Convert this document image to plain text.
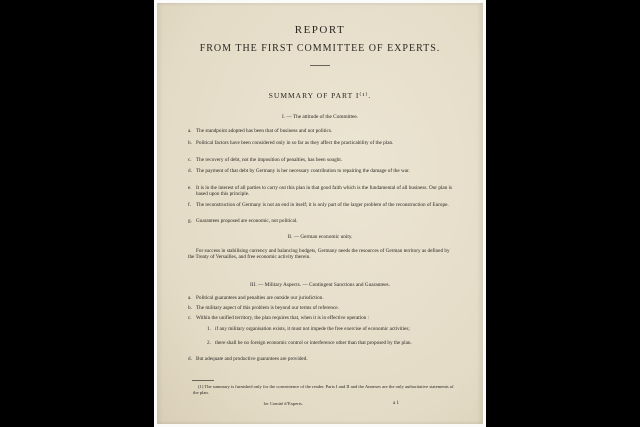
REPORT
FROM THE FIRST COMMITTEE OF EXPERTS.
SUMMARY OF PART I⁽¹⁾.
I. — The attitude of the Committee.
a. The standpoint adopted has been that of business and not politics.
b. Political factors have been considered only in so far as they affect the practicability of the plan.
c. The recovery of debt, not the imposition of penalties, has been sought.
d. The payment of that debt by Germany is her necessary contribution to repairing the damage of the war.
e. It is in the interest of all parties to carry out this plan in that good faith which is the fundamental of all business. Our plan is based upon this principle.
f. The reconstruction of Germany is not an end in itself; it is only part of the larger problem of the reconstruction of Europe.
g. Guarantees proposed are economic, not political.
II. — German economic unity.
For success in stabilising currency and balancing budgets, Germany needs the resources of German territory as defined by the Treaty of Versailles, and free economic activity therein.
III. — Military Aspects. — Contingent Sanctions and Guarantees.
a. Political guarantees and penalties are outside our jurisdiction.
b. The military aspect of this problem is beyond our terms of reference.
c. Within the unified territory, the plan requires that, when it is in effective operation :
1. if any military organisation exists, it must not impede the free exercise of economic activities;
2. there shall be no foreign economic control or interference other than that proposed by the plan.
d. But adequate and productive guarantees are provided.
(1) The summary is furnished only for the convenience of the reader. Parts I and II and the Annexes are the only authoritative statements of the plan.
1er Comité d’Experts.	a 1
